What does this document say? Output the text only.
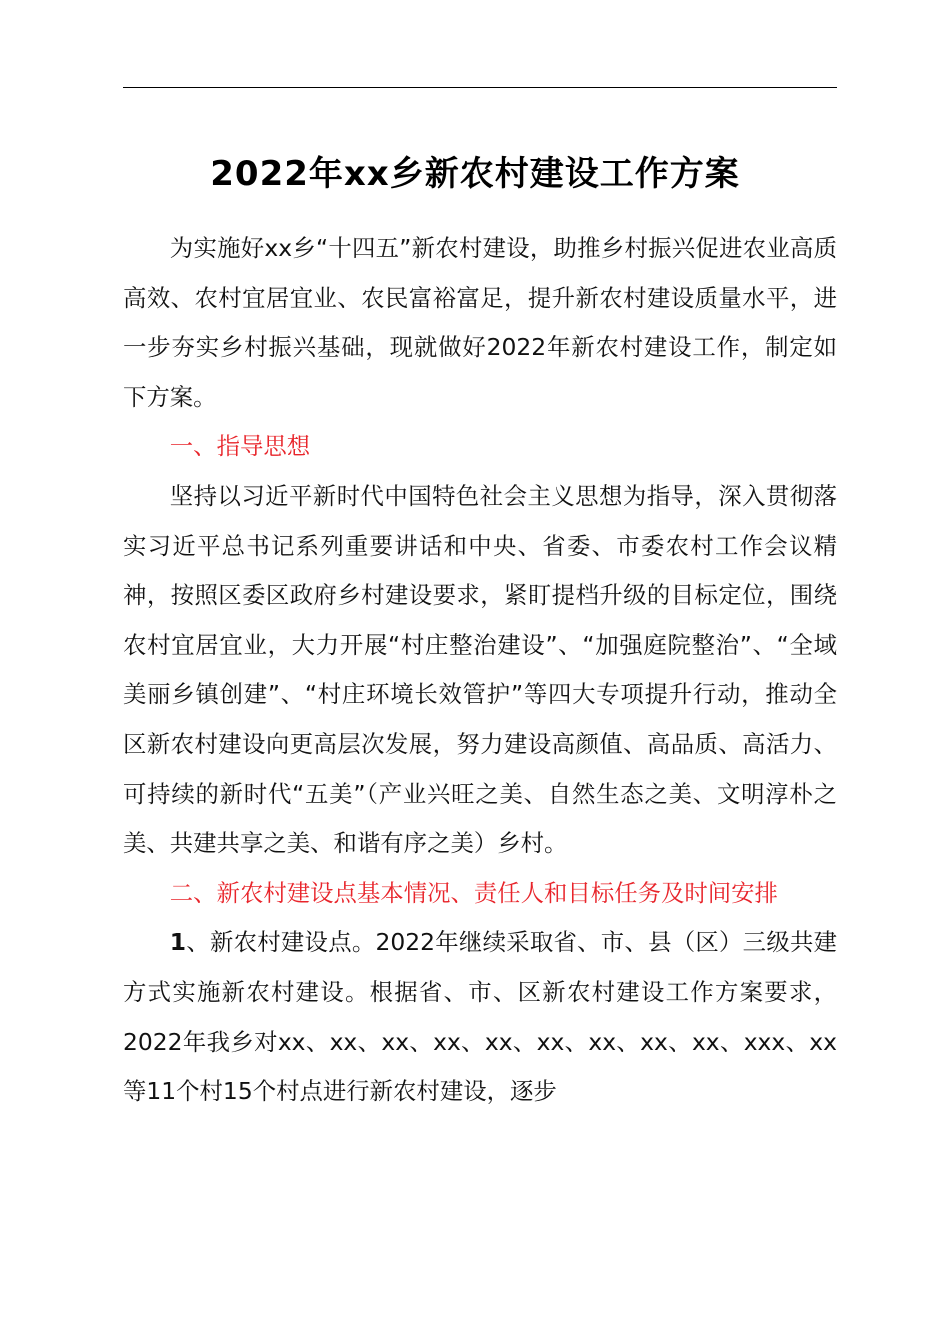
2022年xx乡新农村建设工作方案

为实施好xx乡“十四五”新农村建设，助推乡村振兴促进农业高质高效、农村宜居宜业、农民富裕富足，提升新农村建设质量水平，进一步夯实乡村振兴基础，现就做好2022年新农村建设工作，制定如下方案。

一、指导思想

坚持以习近平新时代中国特色社会主义思想为指导，深入贯彻落实习近平总书记系列重要讲话和中央、省委、市委农村工作会议精神，按照区委区政府乡村建设要求，紧盯提档升级的目标定位，围绕农村宜居宜业，大力开展“村庄整治建设”、“加强庭院整治”、“全域美丽乡镇创建”、“村庄环境长效管护”等四大专项提升行动，推动全区新农村建设向更高层次发展，努力建设高颜值、高品质、高活力、可持续的新时代“五美”（产业兴旺之美、自然生态之美、文明淳朴之美、共建共享之美、和谐有序之美）乡村。

二、新农村建设点基本情况、责任人和目标任务及时间安排

1、新农村建设点。2022年继续采取省、市、县（区）三级共建方式实施新农村建设。根据省、市、区新农村建设工作方案要求，2022年我乡对xx、xx、xx、xx、xx、xx、xx、xx、xx、xxx、xx等11个村15个村点进行新农村建设，逐步
